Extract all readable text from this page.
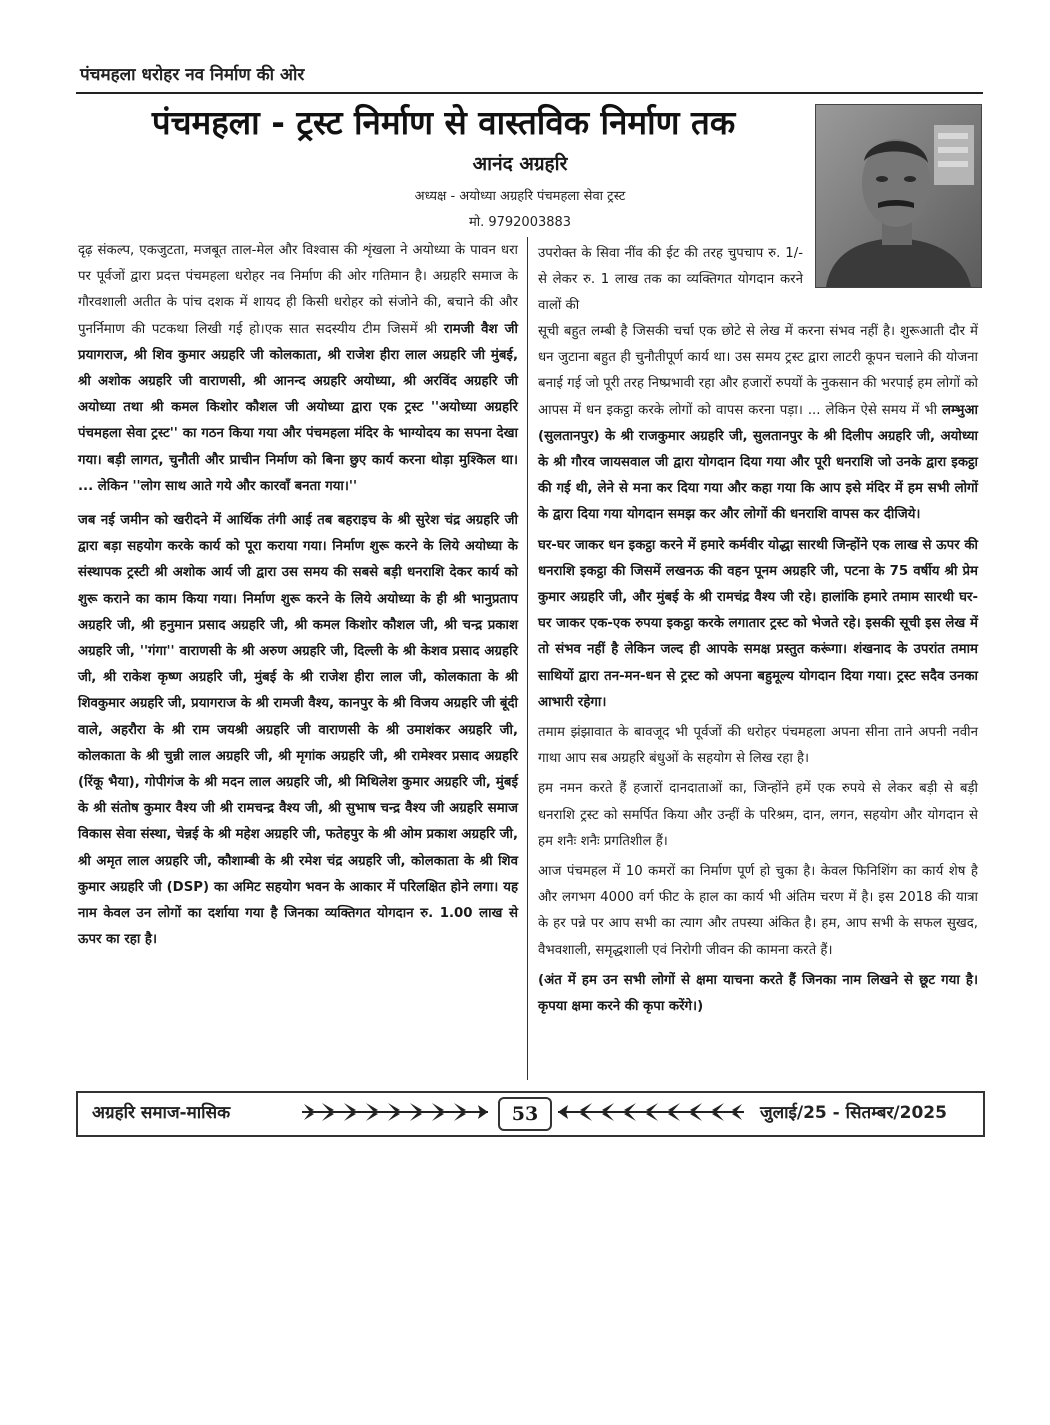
पंचमहला धरोहर नव निर्माण की ओर
पंचमहला - ट्रस्ट निर्माण से वास्तविक निर्माण तक
आनंद अग्रहरि
अध्यक्ष - अयोध्या अग्रहरि पंचमहला सेवा ट्रस्ट
मो. 9792003883

दृढ़ संकल्प, एकजुटता, मजबूत ताल-मेल और विश्वास की शृंखला ने अयोध्या के पावन धरा पर पूर्वजों द्वारा प्रदत्त पंचमहला धरोहर नव निर्माण की ओर गतिमान है। अग्रहरि समाज के गौरवशाली अतीत के पांच दशक में शायद ही किसी धरोहर को संजोने की, बचाने की और पुनर्निमाण की पटकथा लिखी गई हो।एक सात सदस्यीय टीम जिसमें श्री रामजी वैश जी प्रयागराज, श्री शिव कुमार अग्रहरि जी कोलकाता, श्री राजेश हीरा लाल अग्रहरि जी मुंबई, श्री अशोक अग्रहरि जी वाराणसी, श्री आनन्द अग्रहरि अयोध्या, श्री अरविंद अग्रहरि जी अयोध्या तथा श्री कमल किशोर कौशल जी अयोध्या द्वारा एक ट्रस्ट ''अयोध्या अग्रहरि पंचमहला सेवा ट्रस्ट'' का गठन किया गया और पंचमहला मंदिर के भाग्योदय का सपना देखा गया। बड़ी लागत, चुनौती और प्राचीन निर्माण को बिना छुए कार्य करना थोड़ा मुश्किल था। ... लेकिन ''लोग साथ आते गये और कारवाँ बनता गया।''

जब नई जमीन को खरीदने में आर्थिक तंगी आई तब बहराइच के श्री सुरेश चंद्र अग्रहरि जी द्वारा बड़ा सहयोग करके कार्य को पूरा कराया गया। निर्माण शुरू करने के लिये अयोध्या के संस्थापक ट्रस्टी श्री अशोक आर्य जी द्वारा उस समय की सबसे बड़ी धनराशि देकर कार्य को शुरू कराने का काम किया गया। निर्माण शुरू करने के लिये अयोध्या के ही श्री भानुप्रताप अग्रहरि जी, श्री हनुमान प्रसाद अग्रहरि जी, श्री कमल किशोर कौशल जी, श्री चन्द्र प्रकाश अग्रहरि जी, ''गंगा'' वाराणसी के श्री अरुण अग्रहरि जी, दिल्ली के श्री केशव प्रसाद अग्रहरि जी, श्री राकेश कृष्ण अग्रहरि जी, मुंबई के श्री राजेश हीरा लाल जी, कोलकाता के श्री शिवकुमार अग्रहरि जी, प्रयागराज के श्री रामजी वैश्य, कानपुर के श्री विजय अग्रहरि जी बूंदी वाले, अहरौरा के श्री राम जयश्री अग्रहरि जी वाराणसी के श्री उमाशंकर अग्रहरि जी, कोलकाता के श्री चुन्नी लाल अग्रहरि जी, श्री मृगांक अग्रहरि जी, श्री रामेश्वर प्रसाद अग्रहरि (रिंकू भैया), गोपीगंज के श्री मदन लाल अग्रहरि जी, श्री मिथिलेश कुमार अग्रहरि जी, मुंबई के श्री संतोष कुमार वैश्य जी श्री रामचन्द्र वैश्य जी, श्री सुभाष चन्द्र वैश्य जी अग्रहरि समाज विकास सेवा संस्था, चेन्नई के श्री महेश अग्रहरि जी, फतेहपुर के श्री ओम प्रकाश अग्रहरि जी, श्री अमृत लाल अग्रहरि जी, कौशाम्बी के श्री रमेश चंद्र अग्रहरि जी, कोलकाता के श्री शिव कुमार अग्रहरि जी (DSP) का अमिट सहयोग भवन के आकार में परिलक्षित होने लगा। यह नाम केवल उन लोगों का दर्शाया गया है जिनका व्यक्तिगत योगदान रु. 1.00 लाख से ऊपर का रहा है।

उपरोक्त के सिवा नींव की ईट की तरह चुपचाप रु. 1/- से लेकर रु. 1 लाख तक का व्यक्तिगत योगदान करने वालों की

सूची बहुत लम्बी है जिसकी चर्चा एक छोटे से लेख में करना संभव नहीं है। शुरूआती दौर में धन जुटाना बहुत ही चुनौतीपूर्ण कार्य था। उस समय ट्रस्ट द्वारा लाटरी कूपन चलाने की योजना बनाई गई जो पूरी तरह निष्प्रभावी रहा और हजारों रुपयों के नुकसान की भरपाई हम लोगों को आपस में धन इकट्ठा करके लोगों को वापस करना पड़ा। ... लेकिन ऐसे समय में भी लम्भुआ (सुलतानपुर) के श्री राजकुमार अग्रहरि जी, सुलतानपुर के श्री दिलीप अग्रहरि जी, अयोध्या के श्री गौरव जायसवाल जी द्वारा योगदान दिया गया और पूरी धनराशि जो उनके द्वारा इकट्ठा की गई थी, लेने से मना कर दिया गया और कहा गया कि आप इसे मंदिर में हम सभी लोगों के द्वारा दिया गया योगदान समझ कर और लोगों की धनराशि वापस कर दीजिये।

घर-घर जाकर धन इकट्ठा करने में हमारे कर्मवीर योद्धा सारथी जिन्होंने एक लाख से ऊपर की धनराशि इकट्ठा की जिसमें लखनऊ की वहन पूनम अग्रहरि जी, पटना के 75 वर्षीय श्री प्रेम कुमार अग्रहरि जी, और मुंबई के श्री रामचंद्र वैश्य जी रहे। हालांकि हमारे तमाम सारथी घर-घर जाकर एक-एक रुपया इकट्ठा करके लगातार ट्रस्ट को भेजते रहे। इसकी सूची इस लेख में तो संभव नहीं है लेकिन जल्द ही आपके समक्ष प्रस्तुत करूंगा। शंखनाद के उपरांत तमाम साथियों द्वारा तन-मन-धन से ट्रस्ट को अपना बहुमूल्य योगदान दिया गया। ट्रस्ट सदैव उनका आभारी रहेगा।

तमाम झंझावात के बावजूद भी पूर्वजों की धरोहर पंचमहला अपना सीना ताने अपनी नवीन गाथा आप सब अग्रहरि बंधुओं के सहयोग से लिख रहा है।

हम नमन करते हैं हजारों दानदाताओं का, जिन्होंने हमें एक रुपये से लेकर बड़ी से बड़ी धनराशि ट्रस्ट को समर्पित किया और उन्हीं के परिश्रम, दान, लगन, सहयोग और योगदान से हम शनैः शनैः प्रगतिशील हैं।

आज पंचमहल में 10 कमरों का निर्माण पूर्ण हो चुका है। केवल फिनिशिंग का कार्य शेष है और लगभग 4000 वर्ग फीट के हाल का कार्य भी अंतिम चरण में है। इस 2018 की यात्रा के हर पन्ने पर आप सभी का त्याग और तपस्या अंकित है। हम, आप सभी के सफल सुखद, वैभवशाली, समृद्धशाली एवं निरोगी जीवन की कामना करते हैं।

(अंत में हम उन सभी लोगों से क्षमा याचना करते हैं जिनका नाम लिखने से छूट गया है। कृपया क्षमा करने की कृपा करेंगे।)

अग्रहरि समाज-मासिक	53	जुलाई/25 - सितम्बर/2025
